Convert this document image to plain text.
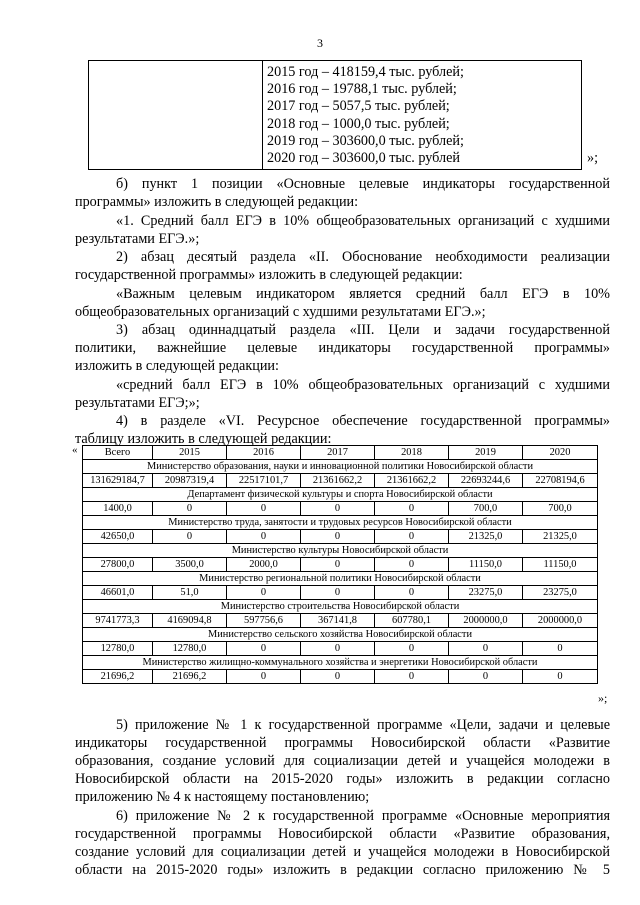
3
2015 год – 418159,4 тыс. рублей;
2016 год – 19788,1 тыс. рублей;
2017 год – 5057,5 тыс. рублей;
2018 год – 1000,0 тыс. рублей;
2019 год – 303600,0 тыс. рублей;
2020 год – 303600,0 тыс. рублей	»;
б) пункт 1 позиции «Основные целевые индикаторы государственной
программы» изложить в следующей редакции:
«1. Средний балл ЕГЭ в 10% общеобразовательных организаций с худшими
результатами ЕГЭ.»;
2) абзац десятый раздела «II. Обоснование необходимости реализации
государственной программы» изложить в следующей редакции:
«Важным целевым индикатором является средний балл ЕГЭ в 10%
общеобразовательных организаций с худшими результатами ЕГЭ.»;
3) абзац одиннадцатый раздела «III. Цели и задачи государственной
политики, важнейшие целевые индикаторы государственной программы»
изложить в следующей редакции:
«средний балл ЕГЭ в 10% общеобразовательных организаций с худшими
результатами ЕГЭ;»;
4) в разделе «VI. Ресурсное обеспечение государственной программы»
таблицу изложить в следующей редакции:
«	Всего	2015	2016	2017	2018	2019	2020
Министерство образования, науки и инновационной политики Новосибирской области						
131629184,7	20987319,4	22517101,7	21361662,2	21361662,2	22693244,6	22708194,6
Департамент физической культуры и спорта Новосибирской области						
1400,0	0	0	0	0	700,0	700,0
Министерство труда, занятости и трудовых ресурсов Новосибирской области						
42650,0	0	0	0	0	21325,0	21325,0
Министерство культуры Новосибирской области						
27800,0	3500,0	2000,0	0	0	11150,0	11150,0
Министерство региональной политики Новосибирской области						
46601,0	51,0	0	0	0	23275,0	23275,0
Министерство строительства Новосибирской области						
9741773,3	4169094,8	597756,6	367141,8	607780,1	2000000,0	2000000,0
Министерство сельского хозяйства Новосибирской области						
12780,0	12780,0	0	0	0	0	0
Министерство жилищно-коммунального хозяйства и энергетики Новосибирской области						
21696,2	21696,2	0	0	0	0	0
»;
5) приложение № 1 к государственной программе «Цели, задачи и целевые
индикаторы государственной программы Новосибирской области «Развитие
образования, создание условий для социализации детей и учащейся молодежи в
Новосибирской области на 2015-2020 годы» изложить в редакции согласно
приложению № 4 к настоящему постановлению;
6) приложение № 2 к государственной программе «Основные мероприятия
государственной программы Новосибирской области «Развитие образования,
создание условий для социализации детей и учащейся молодежи в Новосибирской
области на 2015-2020 годы» изложить в редакции согласно приложению № 5
